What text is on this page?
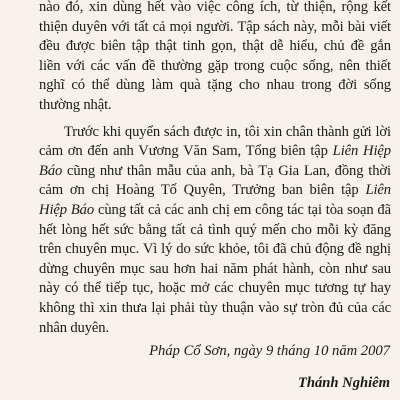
nào đó, xin dùng hết vào việc công ích, từ thiện, rộng kết
thiện duyên với tất cả mọi người. Tập sách này, mỗi bài viết
đều được biên tập thật tinh gọn, thật dễ hiểu, chủ đề gắn
liền với các vấn đề thường gặp trong cuộc sống, nên thiết
nghĩ có thể dùng làm quà tặng cho nhau trong đời sống
thường nhật.

Trước khi quyển sách được in, tôi xin chân thành gửi lời
cảm ơn đến anh Vương Văn Sam, Tổng biên tập Liên Hiệp
Báo cũng như thân mẫu của anh, bà Tạ Gia Lan, đồng thời
cảm ơn chị Hoàng Tố Quyên, Trưởng ban biên tập Liên
Hiệp Báo cùng tất cả các anh chị em công tác tại tòa soạn đã
hết lòng hết sức bằng tất cả tình quý mến cho mỗi kỳ đăng
trên chuyên mục. Vì lý do sức khỏe, tôi đã chủ động đề nghị
dừng chuyên mục sau hơn hai năm phát hành, còn như sau
này có thể tiếp tục, hoặc mở các chuyên mục tương tự hay
không thì xin thưa lại phải tùy thuận vào sự tròn đủ của các
nhân duyên.

Pháp Cổ Sơn, ngày 9 tháng 10 năm 2007
Thánh Nghiêm
